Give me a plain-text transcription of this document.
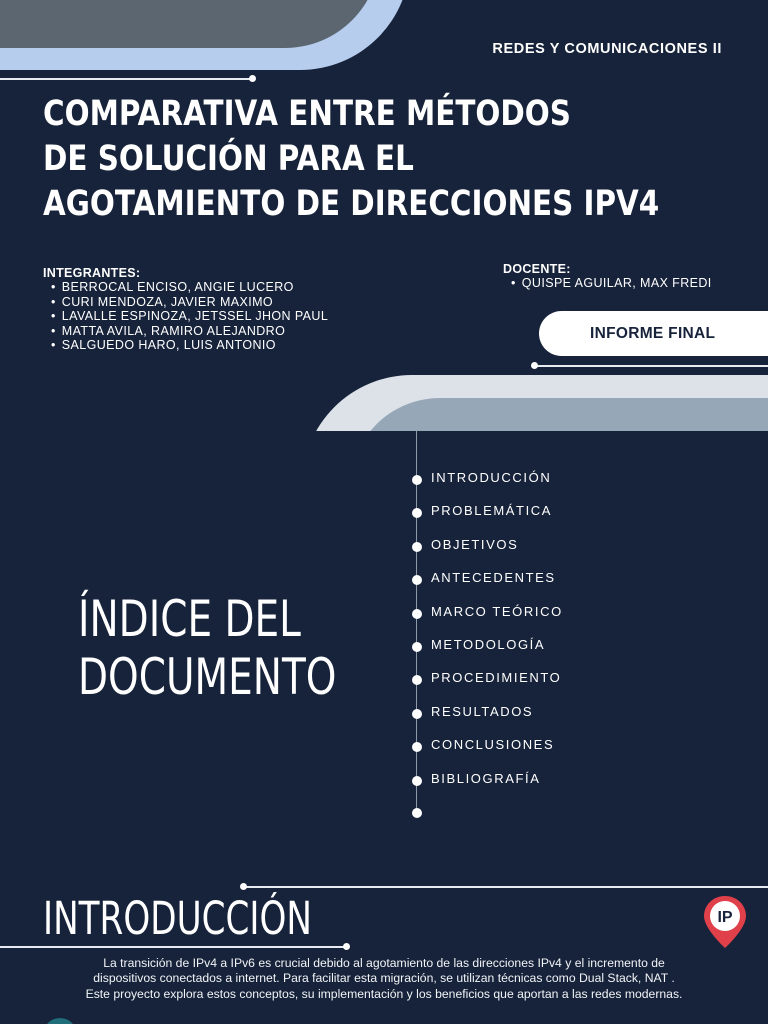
REDES Y COMUNICACIONES II
COMPARATIVA ENTRE MÉTODOS
DE SOLUCIÓN PARA EL
AGOTAMIENTO DE DIRECCIONES IPV4
INTEGRANTES:
• BERROCAL ENCISO, ANGIE LUCERO
• CURI MENDOZA, JAVIER MAXIMO
• LAVALLE ESPINOZA, JETSSEL JHON PAUL
• MATTA AVILA, RAMIRO ALEJANDRO
• SALGUEDO HARO, LUIS ANTONIO
DOCENTE:
• QUISPE AGUILAR, MAX FREDI
INFORME FINAL
ÍNDICE DEL
DOCUMENTO
INTRODUCCIÓN
PROBLEMÁTICA
OBJETIVOS
ANTECEDENTES
MARCO TEÓRICO
METODOLOGÍA
PROCEDIMIENTO
RESULTADOS
CONCLUSIONES
BIBLIOGRAFÍA
INTRODUCCIÓN	IP

La transición de IPv4 a IPv6 es crucial debido al agotamiento de las direcciones IPv4 y el incremento de dispositivos conectados a internet. Para facilitar esta migración, se utilizan técnicas como Dual Stack, NAT . Este proyecto explora estos conceptos, su implementación y los beneficios que aportan a las redes modernas.
